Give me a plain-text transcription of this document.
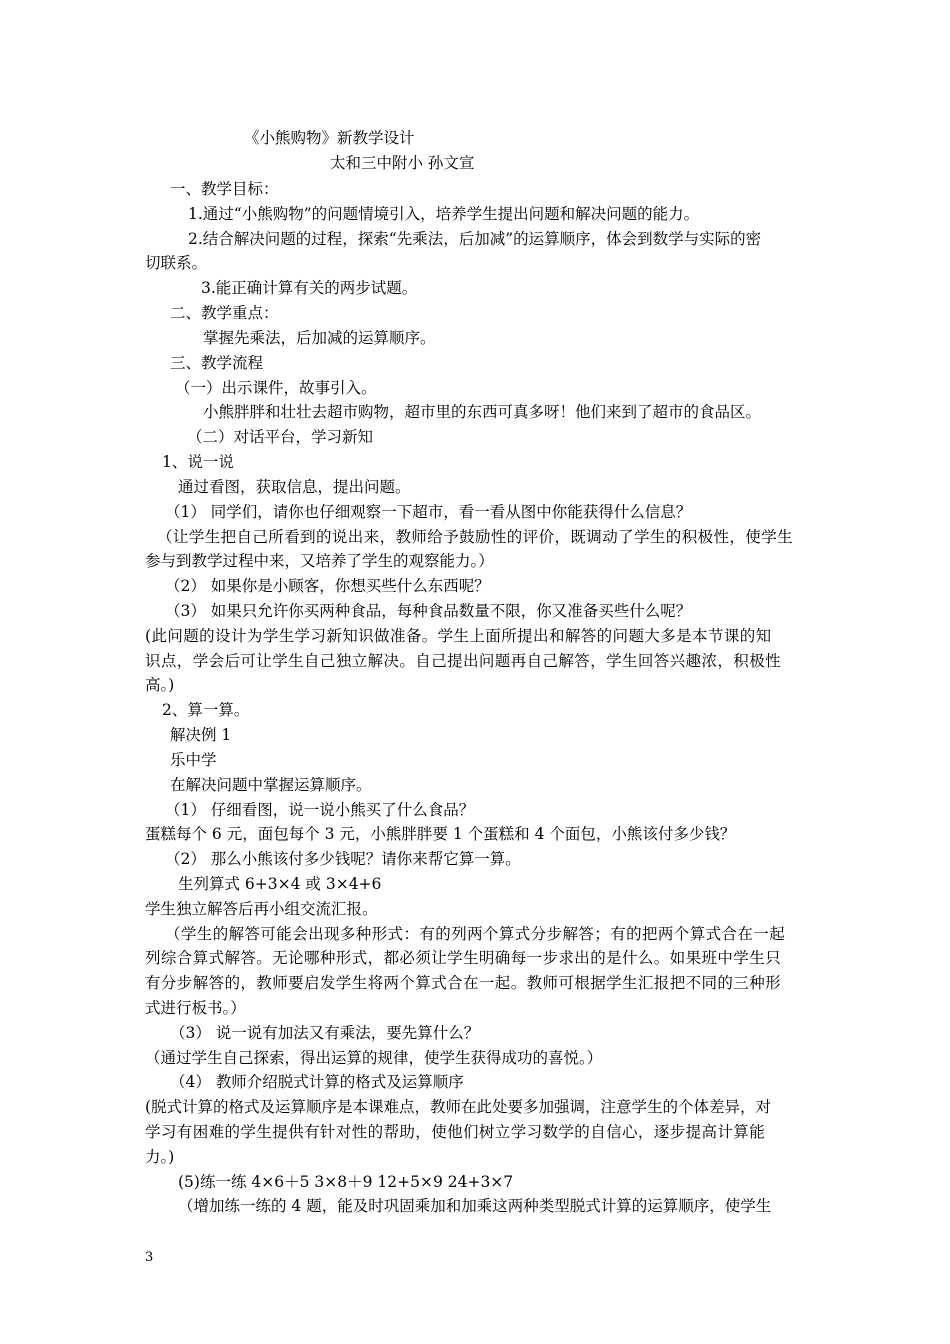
《小熊购物》新教学设计
太和三中附小 孙文宣
一、教学目标：
1.通过“小熊购物”的问题情境引入，培养学生提出问题和解决问题的能力。
2.结合解决问题的过程，探索“先乘法，后加减”的运算顺序，体会到数学与实际的密
切联系。
3.能正确计算有关的两步试题。
二、教学重点：
掌握先乘法，后加减的运算顺序。
三、教学流程
（一）出示课件，故事引入。
小熊胖胖和壮壮去超市购物，超市里的东西可真多呀！他们来到了超市的食品区。
（二）对话平台，学习新知
1、说一说
通过看图，获取信息，提出问题。
（1） 同学们，请你也仔细观察一下超市，看一看从图中你能获得什么信息？
（让学生把自己所看到的说出来，教师给予鼓励性的评价，既调动了学生的积极性，使学生
参与到教学过程中来，又培养了学生的观察能力。）
（2） 如果你是小顾客，你想买些什么东西呢？
（3） 如果只允许你买两种食品，每种食品数量不限，你又准备买些什么呢？
(此问题的设计为学生学习新知识做准备。学生上面所提出和解答的问题大多是本节课的知
识点，学会后可让学生自己独立解决。自己提出问题再自己解答，学生回答兴趣浓，积极性
高。)
2、算一算。
解决例 1
乐中学
在解决问题中掌握运算顺序。
（1） 仔细看图，说一说小熊买了什么食品？
蛋糕每个 6 元，面包每个 3 元，小熊胖胖要 1 个蛋糕和 4 个面包，小熊该付多少钱？
（2） 那么小熊该付多少钱呢？请你来帮它算一算。
生列算式 6+3×4 或 3×4+6
学生独立解答后再小组交流汇报。
（学生的解答可能会出现多种形式：有的列两个算式分步解答；有的把两个算式合在一起
列综合算式解答。无论哪种形式，都必须让学生明确每一步求出的是什么。如果班中学生只
有分步解答的，教师要启发学生将两个算式合在一起。教师可根据学生汇报把不同的三种形
式进行板书。）
（3） 说一说有加法又有乘法，要先算什么？
（通过学生自己探索，得出运算的规律，使学生获得成功的喜悦。）
（4） 教师介绍脱式计算的格式及运算顺序
(脱式计算的格式及运算顺序是本课难点，教师在此处要多加强调，注意学生的个体差异，对
学习有困难的学生提供有针对性的帮助，使他们树立学习数学的自信心，逐步提高计算能
力。)
(5)练一练 4×6＋5 3×8＋9 12+5×9 24+3×7
（增加练一练的 4 题，能及时巩固乘加和加乘这两种类型脱式计算的运算顺序，使学生
3
